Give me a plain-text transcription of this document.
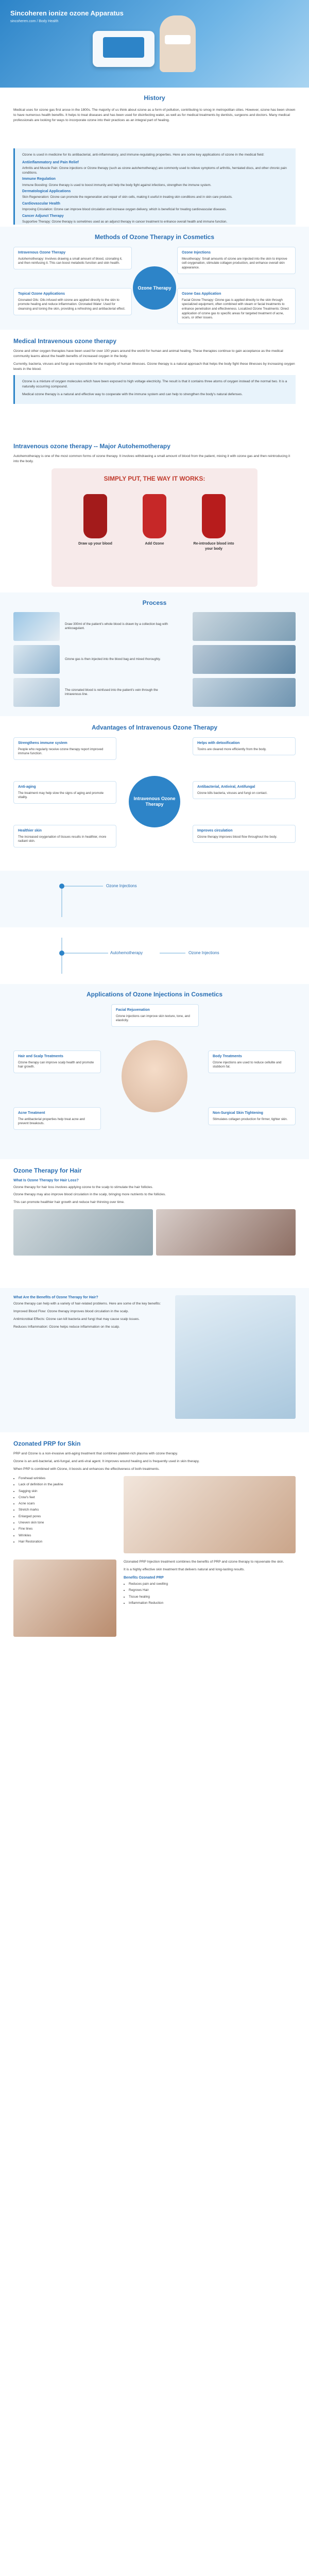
Sincoheren ionize ozone Apparatus
sincoheren.com / Body Health
History

Medical uses for ozone gas first arose in the 1800s. The majority of us think about ozone as a form of pollution, contributing to smog in metropolitan cities. However, ozone has been shown to have numerous health benefits. It helps to treat diseases and has been used for disinfecting water, as well as for medical treatments by dentists, surgeons and doctors. Many medical professionals are looking for ways to incorporate ozone into their practices as an integral part of healing.

Ozone is used in medicine for its antibacterial, anti-inflammatory, and immune-regulating properties. Here are some key applications of ozone in the medical field:

Antiinflammatory and Pain Relief
Arthritis and Muscle Pain: Ozone injections or Ozone therapy (such as ozone autohemotherapy) are commonly used to relieve symptoms of arthritis, herniated discs, and other chronic pain conditions.
Immune Regulation
Immune Boosting: Ozone therapy is used to boost immunity and help the body fight against infections, strengthen the immune system.
Dermatological Applications
Skin Regeneration: Ozone can promote the regeneration and repair of skin cells, making it useful in treating skin conditions and in skin care products.
Cardiovascular Health
Improving Circulation: Ozone can improve blood circulation and increase oxygen delivery, which is beneficial for treating cardiovascular diseases.
Cancer Adjunct Therapy
Supportive Therapy: Ozone therapy is sometimes used as an adjunct therapy in cancer treatment to enhance overall health and immune function.
Methods of Ozone Therapy in Cosmetics
Ozone Therapy
Intravenous Ozone Therapy
Autohemotherapy: Involves drawing a small amount of blood, ozonating it, and then reinfusing it. This can boost metabolic function and skin health.
Ozone Injections
Mesotherapy: Small amounts of ozone are injected into the skin to improve cell oxygenation, stimulate collagen production, and enhance overall skin appearance.
Topical Ozone Applications
Ozonated Oils: Oils infused with ozone are applied directly to the skin to promote healing and reduce inflammation. Ozonated Water: Used for cleansing and toning the skin, providing a refreshing and antibacterial effect.
Ozone Gas Application
Facial Ozone Therapy: Ozone gas is applied directly to the skin through specialized equipment, often combined with steam or facial treatments to enhance penetration and effectiveness. Localized Ozone Treatments: Direct application of ozone gas to specific areas for targeted treatment of acne, scars, or other issues.
Medical Intravenous ozone therapy

Ozone and other oxygen therapies have been used for over 100 years around the world for human and animal healing. These therapies continue to gain acceptance as the medical community learns about the health benefits of increased oxygen in the body.

Currently, bacteria, viruses and fungi are responsible for the majority of human illnesses. Ozone therapy is a natural approach that helps the body fight these illnesses by increasing oxygen levels in the blood.

Ozone is a mixture of oxygen molecules which have been exposed to high voltage electricity. The result is that it contains three atoms of oxygen instead of the normal two. It is a naturally occurring compound.

Medical ozone therapy is a natural and effective way to cooperate with the immune system and can help to strengthen the body's natural defenses.

Intravenous ozone therapy -- Major Autohemotherapy

Autohemotherapy is one of the most common forms of ozone therapy. It involves withdrawing a small amount of blood from the patient, mixing it with ozone gas and then reintroducing it into the body.

SIMPLY PUT, THE WAY IT WORKS:
Draw up your blood	Add Ozone	Re-introduce blood into your body
Process
Draw 300ml of the patient's whole blood is drawn by a collection bag with anticoagulant.
Ozone gas is then injected into the blood bag and mixed thoroughly.
The ozonated blood is reinfused into the patient's vein through the intravenous line.
Advantages of Intravenous Ozone Therapy
Intravenous Ozone Therapy
Strengthens immune system
People who regularly receive ozone therapy report improved immune function.
Helps with detoxification
Toxins are cleared more efficiently from the body.
Anti-aging
The treatment may help slow the signs of aging and promote vitality.
Antibacterial, Antiviral, Antifungal
Ozone kills bacteria, viruses and fungi on contact.
Healthier skin
The increased oxygenation of tissues results in healthier, more radiant skin.
Improves circulation
Ozone therapy improves blood flow throughout the body.
Ozone Injections
Autohemotherapy	Ozone Injections
Applications of Ozone Injections in Cosmetics
Facial Rejuvenation
Ozone injections can improve skin texture, tone, and elasticity.
Hair and Scalp Treatments
Ozone therapy can improve scalp health and promote hair growth.
Body Treatments
Ozone injections are used to reduce cellulite and stubborn fat.
Acne Treatment
The antibacterial properties help treat acne and prevent breakouts.
Non-Surgical Skin Tightening
Stimulates collagen production for firmer, tighter skin.
Ozone Therapy for Hair
What Is Ozone Therapy for Hair Loss?

Ozone therapy for hair loss involves applying ozone to the scalp to stimulate the hair follicles.

Ozone therapy may also improve blood circulation in the scalp, bringing more nutrients to the follicles.

This can promote healthier hair growth and reduce hair thinning over time.

What Are the Benefits of Ozone Therapy for Hair?

Ozone therapy can help with a variety of hair-related problems. Here are some of the key benefits:

Improved Blood Flow: Ozone therapy improves blood circulation in the scalp.

Antimicrobial Effects: Ozone can kill bacteria and fungi that may cause scalp issues.

Reduces Inflammation: Ozone helps reduce inflammation on the scalp.

Ozonated PRP for Skin

PRP and Ozone is a non-invasive anti-aging treatment that combines platelet-rich plasma with ozone therapy.

Ozone is an anti-bacterial, anti-fungal, and anti-viral agent. It improves wound healing and is frequently used in skin therapy.

When PRP is combined with Ozone, it boosts and enhances the effectiveness of both treatments.

• Forehead wrinkles
• Lack of definition in the jawline
• Sagging skin
• Crow's feet
• Acne scars
• Stretch marks
• Enlarged pores
• Uneven skin tone
• Fine lines
• Wrinkles
• Hair Restoration

Ozonated PRP Injection treatment combines the benefits of PRP and ozone therapy to rejuvenate the skin.

It is a highly effective skin treatment that delivers natural and long-lasting results.

Benefits Ozonated PRP
• Reduces pain and swelling
• Regrows Hair
• Tissue healing
• Inflammation Reduction
